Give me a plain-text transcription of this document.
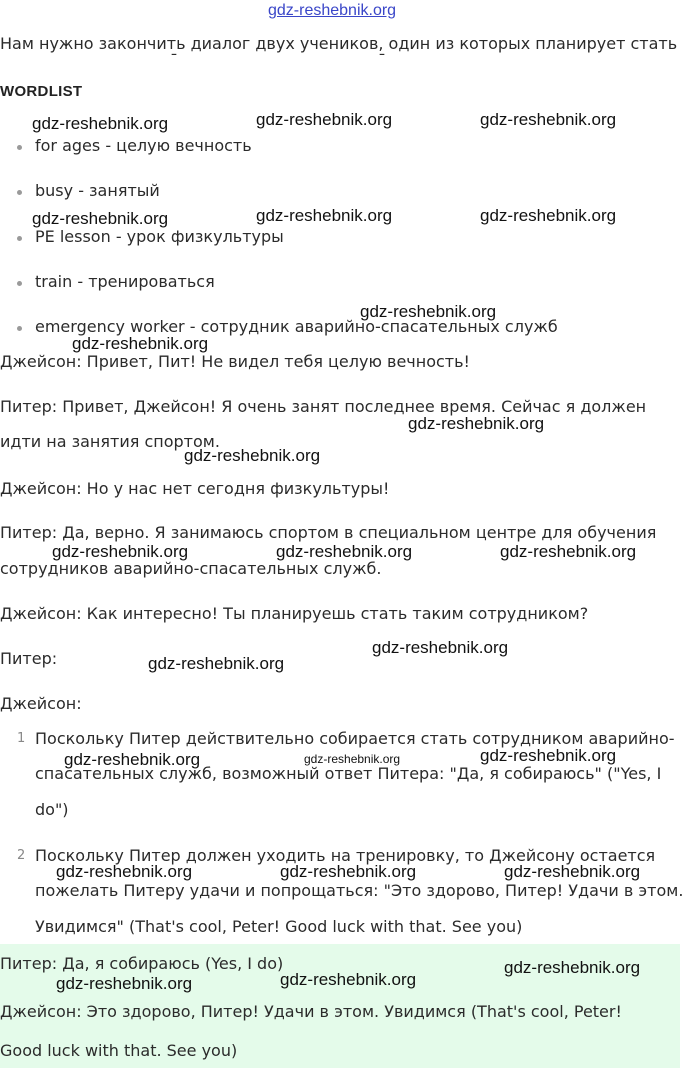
gdz-reshebnik.org
Нам нужно закончить диалог двух учеников, один из которых планирует стать
¯	¯
WORDLIST
for ages - целую вечность
busy - занятый
PE lesson - урок физкультуры
train - тренироваться
emergency worker - сотрудник аварийно-спасательных служб
Джейсон: Привет, Пит! Не видел тебя целую вечность!
Питер: Привет, Джейсон! Я очень занят последнее время. Сейчас я должен
идти на занятия спортом.
Джейсон: Но у нас нет сегодня физкультуры!
Питер: Да, верно. Я занимаюсь спортом в специальном центре для обучения
сотрудников аварийно-спасательных служб.
Джейсон: Как интересно! Ты планируешь стать таким сотрудником?
Питер:
Джейсон:
1 Поскольку Питер действительно собирается стать сотрудником аварийно-
спасательных служб, возможный ответ Питера: "Да, я собираюсь" ("Yes, I
do")
2 Поскольку Питер должен уходить на тренировку, то Джейсону остается
пожелать Питеру удачи и попрощаться: "Это здорово, Питер! Удачи в этом.
Увидимся" (That's cool, Peter! Good luck with that. See you)
Питер: Да, я собираюсь (Yes, I do)
Джейсон: Это здорово, Питер! Удачи в этом. Увидимся (That's cool, Peter!
Good luck with that. See you)
gdz-reshebnik.org	gdz-reshebnik.org	gdz-reshebnik.org
gdz-reshebnik.org	gdz-reshebnik.org	gdz-reshebnik.org
gdz-reshebnik.org
gdz-reshebnik.org
gdz-reshebnik.org
gdz-reshebnik.org
gdz-reshebnik.org	gdz-reshebnik.org	gdz-reshebnik.org
gdz-reshebnik.org
gdz-reshebnik.org
gdz-reshebnik.org	gdz-reshebnik.org	gdz-reshebnik.org
gdz-reshebnik.org	gdz-reshebnik.org	gdz-reshebnik.org
gdz-reshebnik.org
gdz-reshebnik.org
gdz-reshebnik.org
